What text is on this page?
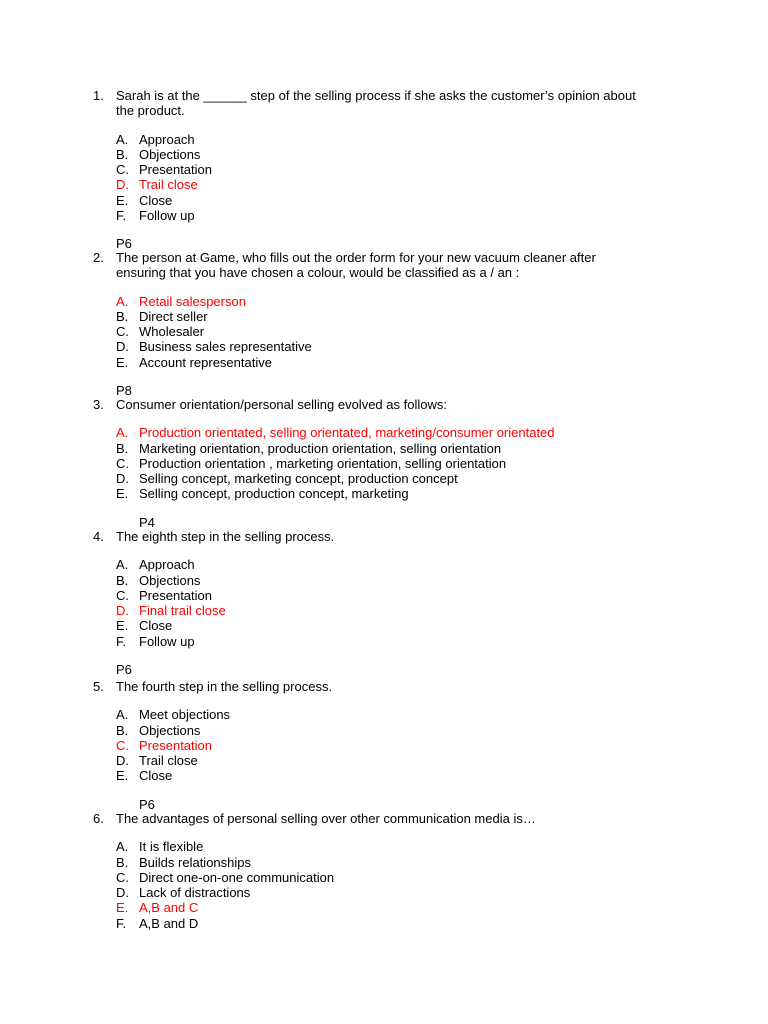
1. Sarah is at the ______ step of the selling process if she asks the customer’s opinion about the product.
A. Approach
B. Objections
C. Presentation
D. Trail close
E. Close
F. Follow up
P6
2. The person at Game, who fills out the order form for your new vacuum cleaner after ensuring that you have chosen a colour, would be classified as a / an :
A. Retail salesperson
B. Direct seller
C. Wholesaler
D. Business sales representative
E. Account representative
P8
3. Consumer orientation/personal selling evolved as follows:
A. Production orientated, selling orientated, marketing/consumer orientated
B. Marketing orientation, production orientation, selling orientation
C. Production orientation , marketing orientation, selling orientation
D. Selling concept, marketing concept, production concept
E. Selling concept, production concept, marketing
P4
4. The eighth step in the selling process.
A. Approach
B. Objections
C. Presentation
D. Final trail close
E. Close
F. Follow up
P6
5. The fourth step in the selling process.
A. Meet objections
B. Objections
C. Presentation
D. Trail close
E. Close
P6
6. The advantages of personal selling over other communication media is…
A. It is flexible
B. Builds relationships
C. Direct one-on-one communication
D. Lack of distractions
E. A,B and C
F. A,B and D
